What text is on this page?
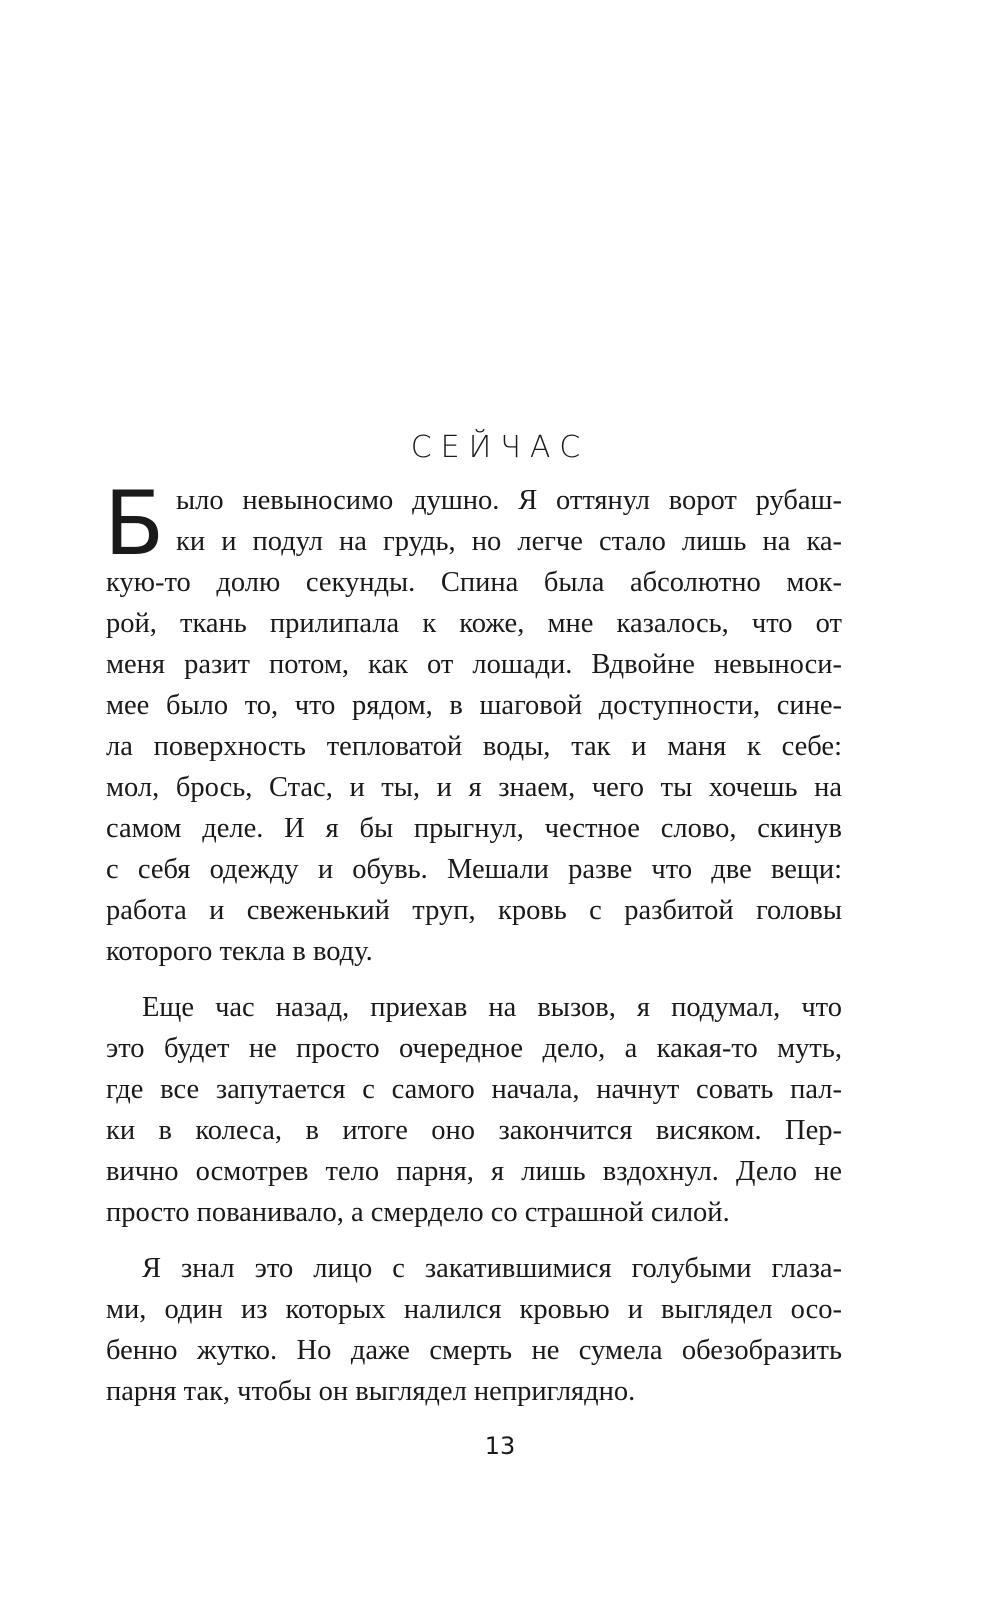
СЕЙЧАС
Б ыло невыносимо душно. Я оттянул ворот рубаш-
ки и подул на грудь, но легче стало лишь на ка-
кую-то долю секунды. Спина была абсолютно мок-
рой, ткань прилипала к коже, мне казалось, что от
меня разит потом, как от лошади. Вдвойне невыноси-
мее было то, что рядом, в шаговой доступности, сине-
ла поверхность тепловатой воды, так и маня к себе:
мол, брось, Стас, и ты, и я знаем, чего ты хочешь на
самом деле. И я бы прыгнул, честное слово, скинув
с себя одежду и обувь. Мешали разве что две вещи:
работа и свеженький труп, кровь с разбитой головы
которого текла в воду.
Еще час назад, приехав на вызов, я подумал, что
это будет не просто очередное дело, а какая-то муть,
где все запутается с самого начала, начнут совать пал-
ки в колеса, в итоге оно закончится висяком. Пер-
вично осмотрев тело парня, я лишь вздохнул. Дело не
просто пованивало, а смердело со страшной силой.
Я знал это лицо с закатившимися голубыми глаза-
ми, один из которых налился кровью и выглядел осо-
бенно жутко. Но даже смерть не сумела обезобразить
парня так, чтобы он выглядел неприглядно.
13
